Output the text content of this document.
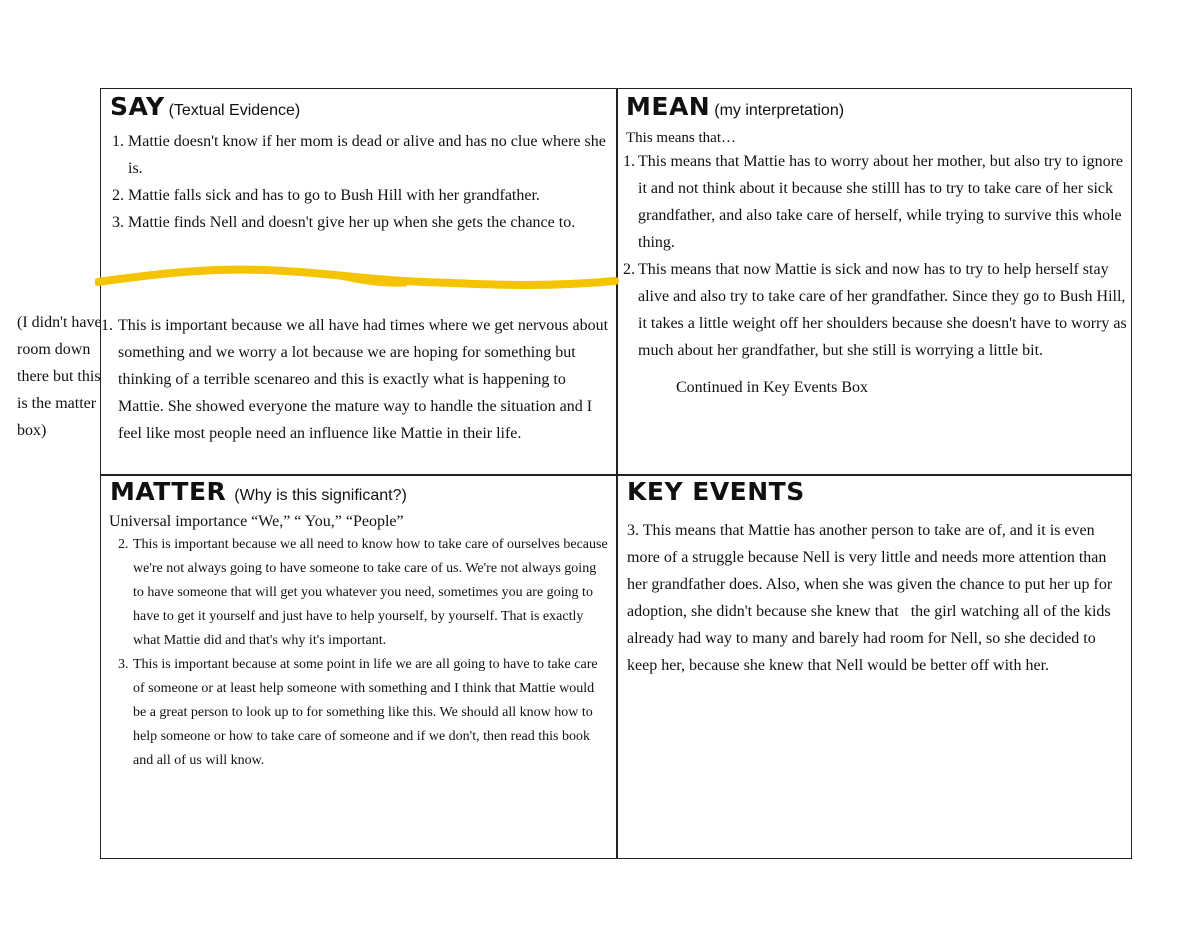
(I didn't have room down there but this is the matter box)
SAY (Textual Evidence)
1. Mattie doesn't know if her mom is dead or alive and has no clue where she is.
2. Mattie falls sick and has to go to Bush Hill with her grandfather.
3. Mattie finds Nell and doesn't give her up when she gets the chance to.
1. This is important because we all have had times where we get nervous about something and we worry a lot because we are hoping for something but thinking of a terrible scenareo and this is exactly what is happening to Mattie. She showed everyone the mature way to handle the situation and I feel like most people need an influence like Mattie in their life.
MEAN (my interpretation)
This means that…
1. This means that Mattie has to worry about her mother, but also try to ignore it and not think about it because she stilll has to try to take care of her sick grandfather, and also take care of herself, while trying to survive this whole thing.
2. This means that now Mattie is sick and now has to try to help herself stay alive and also try to take care of her grandfather. Since they go to Bush Hill, it takes a little weight off her shoulders because she doesn't have to worry as much about her grandfather, but she still is worrying a little bit.
Continued in Key Events Box
MATTER (Why is this significant?)
Universal importance “We,” “ You,” “People”
2. This is important because we all need to know how to take care of ourselves because we're not always going to have someone to take care of us. We're not always going to have someone that will get you whatever you need, sometimes you are going to have to get it yourself and just have to help yourself, by yourself. That is exactly what Mattie did and that's why it's important.
3. This is important because at some point in life we are all going to have to take care of someone or at least help someone with something and I think that Mattie would be a great person to look up to for something like this. We should all know how to help someone or how to take care of someone and if we don't, then read this book and all of us will know.
KEY EVENTS
3. This means that Mattie has another person to take are of, and it is even more of a struggle because Nell is very little and needs more attention than her grandfather does. Also, when she was given the chance to put her up for adoption, she didn't because she knew that   the girl watching all of the kids already had way to many and barely had room for Nell, so she decided to keep her, because she knew that Nell would be better off with her.
